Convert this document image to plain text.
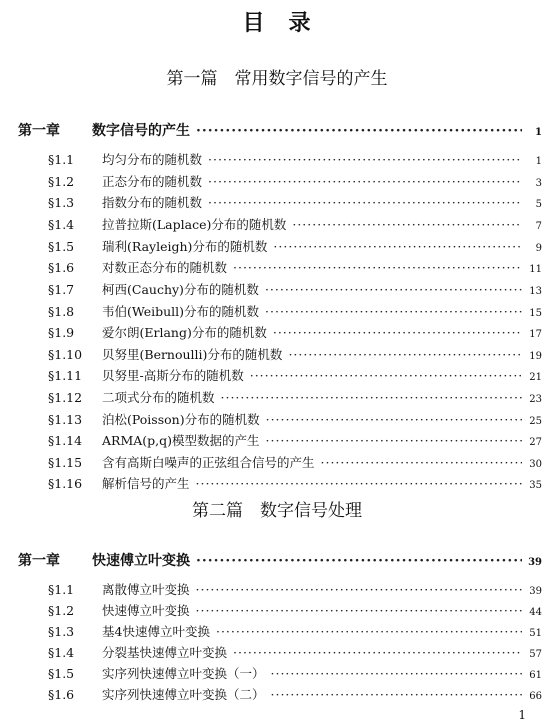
目　录
第一篇　常用数字信号的产生
第一章	数字信号的产生 ·····	1
§1.1	均匀分布的随机数 ·····	1
§1.2	正态分布的随机数 ·····	3
§1.3	指数分布的随机数 ·····	5
§1.4	拉普拉斯(Laplace)分布的随机数 ·····	7
§1.5	瑞利(Rayleigh)分布的随机数 ·····	9
§1.6	对数正态分布的随机数 ·····	11
§1.7	柯西(Cauchy)分布的随机数 ·····	13
§1.8	韦伯(Weibull)分布的随机数 ·····	15
§1.9	爱尔朗(Erlang)分布的随机数 ·····	17
§1.10	贝努里(Bernoulli)分布的随机数 ·····	19
§1.11	贝努里-高斯分布的随机数 ·····	21
§1.12	二项式分布的随机数 ·····	23
§1.13	泊松(Poisson)分布的随机数 ·····	25
§1.14	ARMA(p,q)模型数据的产生 ·····	27
§1.15	含有高斯白噪声的正弦组合信号的产生 ·····	30
§1.16	解析信号的产生 ·····	35
第二篇　数字信号处理
第一章	快速傅立叶变换 ·····	39
§1.1	离散傅立叶变换 ·····	39
§1.2	快速傅立叶变换 ·····	44
§1.3	基4快速傅立叶变换 ·····	51
§1.4	分裂基快速傅立叶变换 ·····	57
§1.5	实序列快速傅立叶变换（一） ·····	61
§1.6	实序列快速傅立叶变换（二） ·····	66
1
